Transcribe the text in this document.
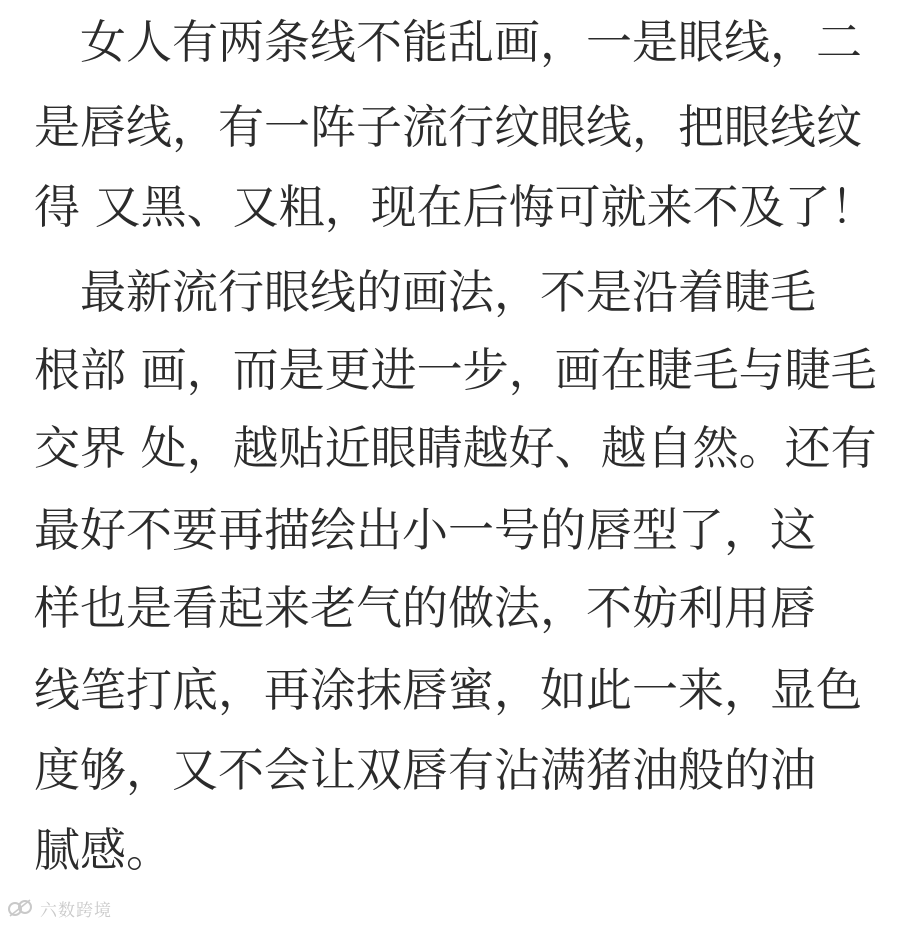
女人有两条线不能乱画，一是眼线，二
是唇线，有一阵子流行纹眼线，把眼线纹
得 又黑、又粗，现在后悔可就来不及了！
最新流行眼线的画法，不是沿着睫毛
根部 画，而是更进一步，画在睫毛与睫毛
交界 处，越贴近眼睛越好、越自然。还有
最好不要再描绘出小一号的唇型了，这
样也是看起来老气的做法，不妨利用唇
线笔打底，再涂抹唇蜜，如此一来，显色
度够，又不会让双唇有沾满猪油般的油
腻感。
六数跨境
